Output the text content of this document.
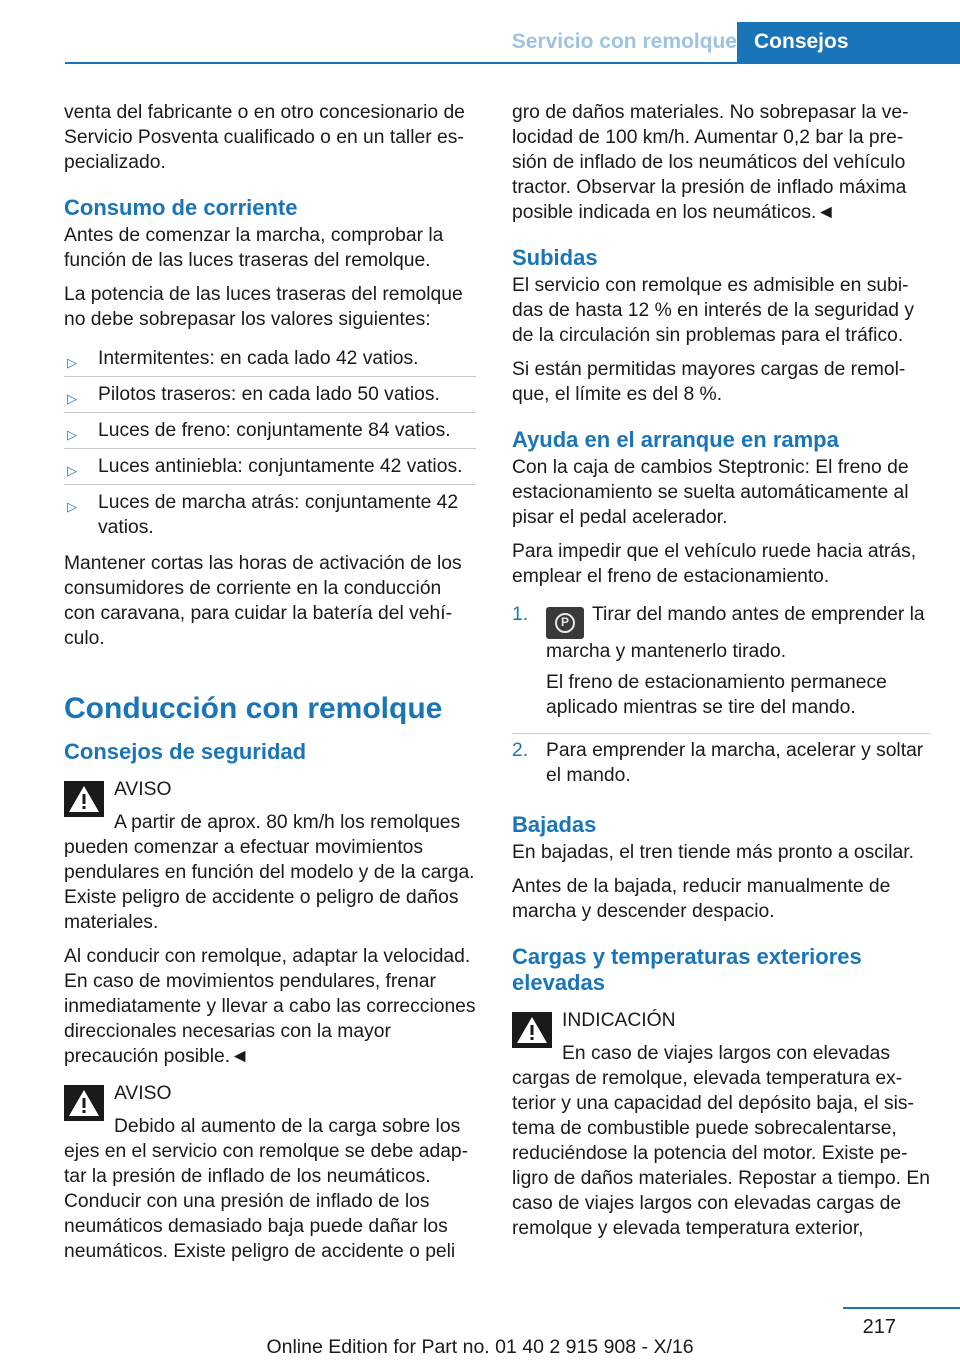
Servicio con remolque Consejos

venta del fabricante o en otro concesionario de Servicio Posventa cualificado o en un taller especializado.

Consumo de corriente

Antes de comenzar la marcha, comprobar la función de las luces traseras del remolque.

La potencia de las luces traseras del remolque no debe sobrepasar los valores siguientes:

▷ Intermitentes: en cada lado 42 vatios.
▷ Pilotos traseros: en cada lado 50 vatios.
▷ Luces de freno: conjuntamente 84 vatios.
▷ Luces antiniebla: conjuntamente 42 vatios.
▷ Luces de marcha atrás: conjuntamente 42 vatios.

Mantener cortas las horas de activación de los consumidores de corriente en la conducción con caravana, para cuidar la batería del vehículo.

Conducción con remolque
Consejos de seguridad

AVISO

A partir de aprox. 80 km/h los remolques pueden comenzar a efectuar movimientos pendulares en función del modelo y de la carga. Existe peligro de accidente o peligro de daños materiales.

Al conducir con remolque, adaptar la velocidad. En caso de movimientos pendulares, frenar inmediatamente y llevar a cabo las correcciones direccionales necesarias con la mayor precaución posible.◄

AVISO

Debido al aumento de la carga sobre los ejes en el servicio con remolque se debe adaptar la presión de inflado de los neumáticos. Conducir con una presión de inflado de los neumáticos demasiado baja puede dañar los neumáticos. Existe peligro de accidente o peli

gro de daños materiales. No sobrepasar la velocidad de 100 km/h. Aumentar 0,2 bar la presión de inflado de los neumáticos del vehículo tractor. Observar la presión de inflado máxima posible indicada en los neumáticos.◄

Subidas

El servicio con remolque es admisible en subidas de hasta 12 % en interés de la seguridad y de la circulación sin problemas para el tráfico.

Si están permitidas mayores cargas de remolque, el límite es del 8 %.

Ayuda en el arranque en rampa

Con la caja de cambios Steptronic: El freno de estacionamiento se suelta automáticamente al pisar el pedal acelerador.

Para impedir que el vehículo ruede hacia atrás, emplear el freno de estacionamiento.

1.	P	Tirar del mando antes de emprender la marcha y mantenerlo tirado.

El freno de estacionamiento permanece aplicado mientras se tire del mando.

2. Para emprender la marcha, acelerar y soltar el mando.
Bajadas

En bajadas, el tren tiende más pronto a oscilar.

Antes de la bajada, reducir manualmente de marcha y descender despacio.

Cargas y temperaturas exteriores elevadas

INDICACIÓN

En caso de viajes largos con elevadas cargas de remolque, elevada temperatura exterior y una capacidad del depósito baja, el sistema de combustible puede sobrecalentarse, reduciéndose la potencia del motor. Existe peligro de daños materiales. Repostar a tiempo. En caso de viajes largos con elevadas cargas de remolque y elevada temperatura exterior,

217
Online Edition for Part no. 01 40 2 915 908 - X/16
